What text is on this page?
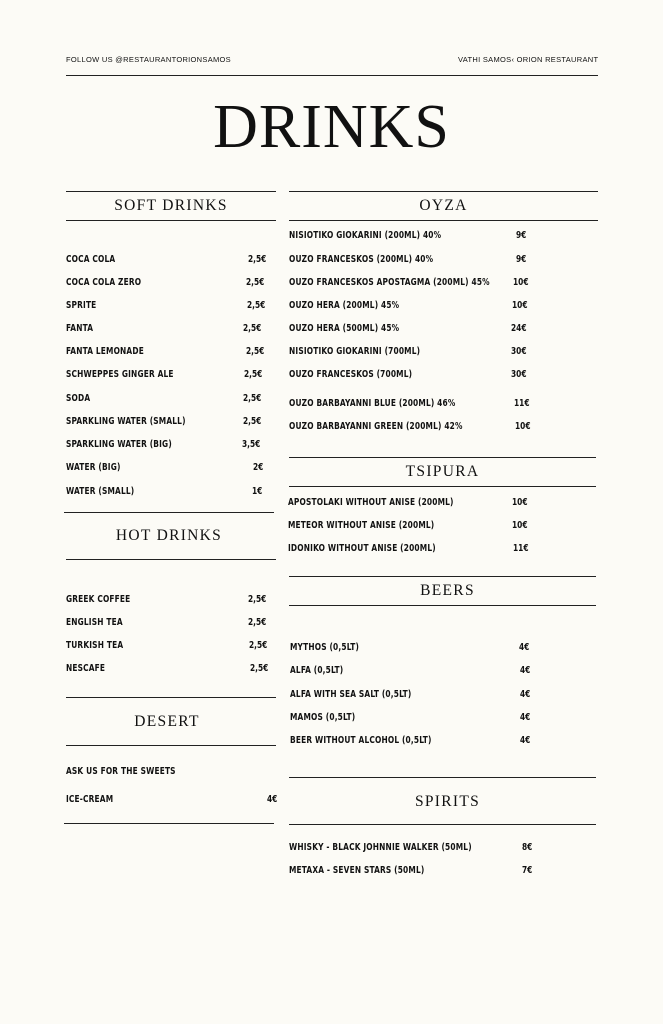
FOLLOW US @RESTAURANTORIONSAMOS	VATHI SAMOS‹ ORION RESTAURANT
DRINKS
SOFT DRINKS
COCA COLA	2,5€
COCA COLA ZERO	2,5€
SPRITE	2,5€
FANTA	2,5€
FANTA LEMONADE	2,5€
SCHWEPPES GINGER ALE	2,5€
SODA	2,5€
SPARKLING WATER (SMALL)	2,5€
SPARKLING WATER (BIG)	3,5€
WATER (BIG)	2€
WATER (SMALL)	1€
HOT DRINKS
GREEK COFFEE	2,5€
ENGLISH TEA	2,5€
TURKISH TEA	2,5€
NESCAFE	2,5€
DESERT
ASK US FOR THE SWEETS
ICE-CREAM	4€
OYZA
NISIOTIKO GIOKARINI (200ML) 40%	9€
OUZO FRANCESKOS (200ML) 40%	9€
OUZO FRANCESKOS APOSTAGMA (200ML) 45% 10€
OUZO HERA (200ML) 45%	10€
OUZO HERA (500ML) 45%	24€
NISIOTIKO GIOKARINI (700ML)	30€
OUZO FRANCESKOS (700ML)	30€
OUZO BARBAYANNI BLUE (200ML) 46%	11€
OUZO BARBAYANNI GREEN (200ML) 42%	10€
TSIPURA
APOSTOLAKI WITHOUT ANISE (200ML)	10€
METEOR WITHOUT ANISE (200ML)	10€
IDONIKO WITHOUT ANISE (200ML)	11€
BEERS
MYTHOS (0,5LT)	4€
ALFA (0,5LT)	4€
ALFA WITH SEA SALT (0,5LT)	4€
MAMOS (0,5LT)	4€
BEER WITHOUT ALCOHOL (0,5LT)	4€
SPIRITS
WHISKY - BLACK JOHNNIE WALKER (50ML)	8€
METAXA - SEVEN STARS (50ML)	7€
